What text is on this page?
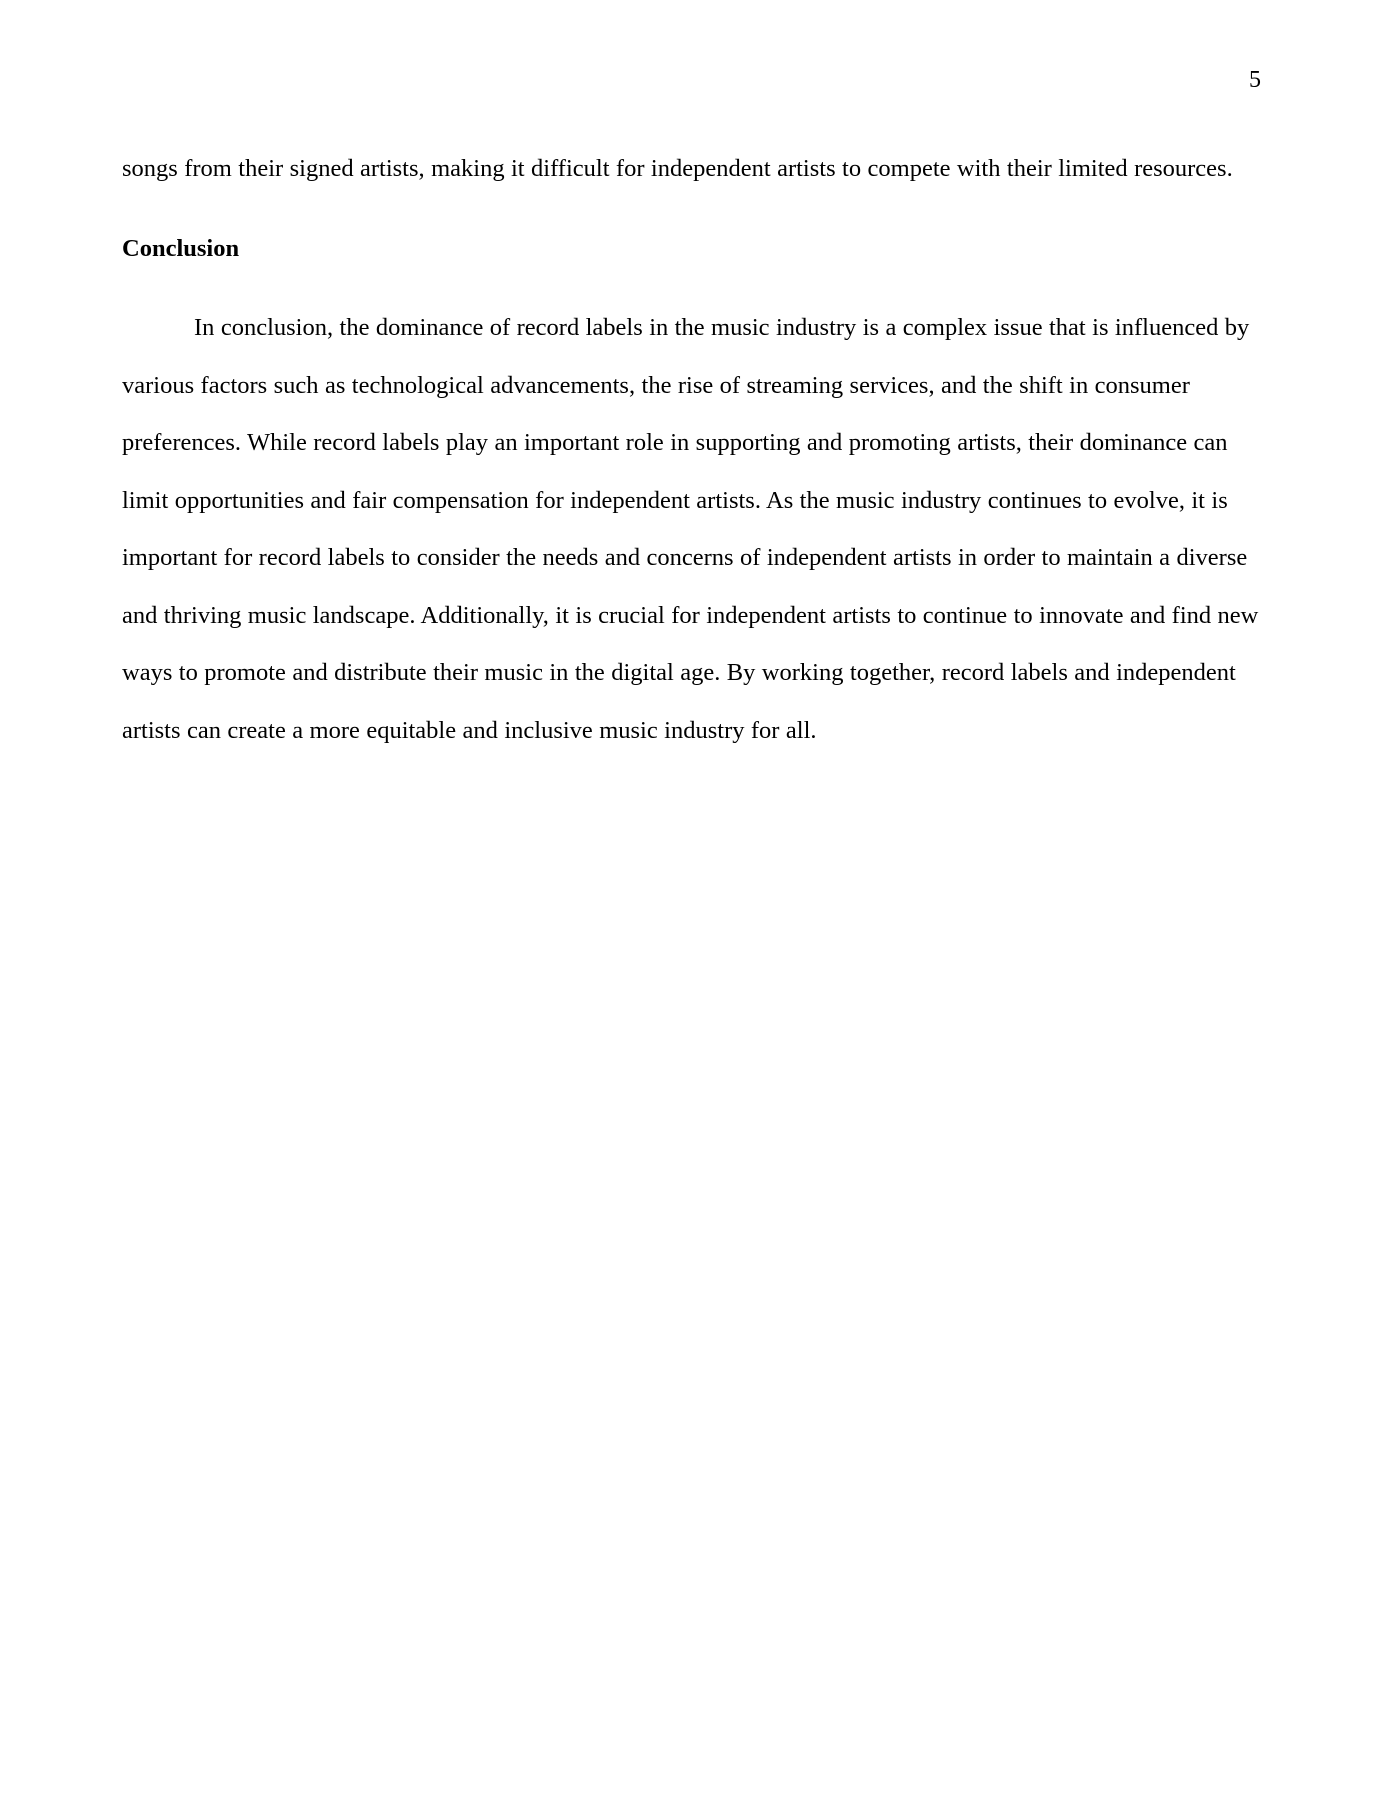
5

songs from their signed artists, making it difficult for independent artists to compete with their limited resources.

Conclusion

In conclusion, the dominance of record labels in the music industry is a complex issue that is influenced by various factors such as technological advancements, the rise of streaming services, and the shift in consumer preferences. While record labels play an important role in supporting and promoting artists, their dominance can limit opportunities and fair compensation for independent artists. As the music industry continues to evolve, it is important for record labels to consider the needs and concerns of independent artists in order to maintain a diverse and thriving music landscape. Additionally, it is crucial for independent artists to continue to innovate and find new ways to promote and distribute their music in the digital age. By working together, record labels and independent artists can create a more equitable and inclusive music industry for all.
